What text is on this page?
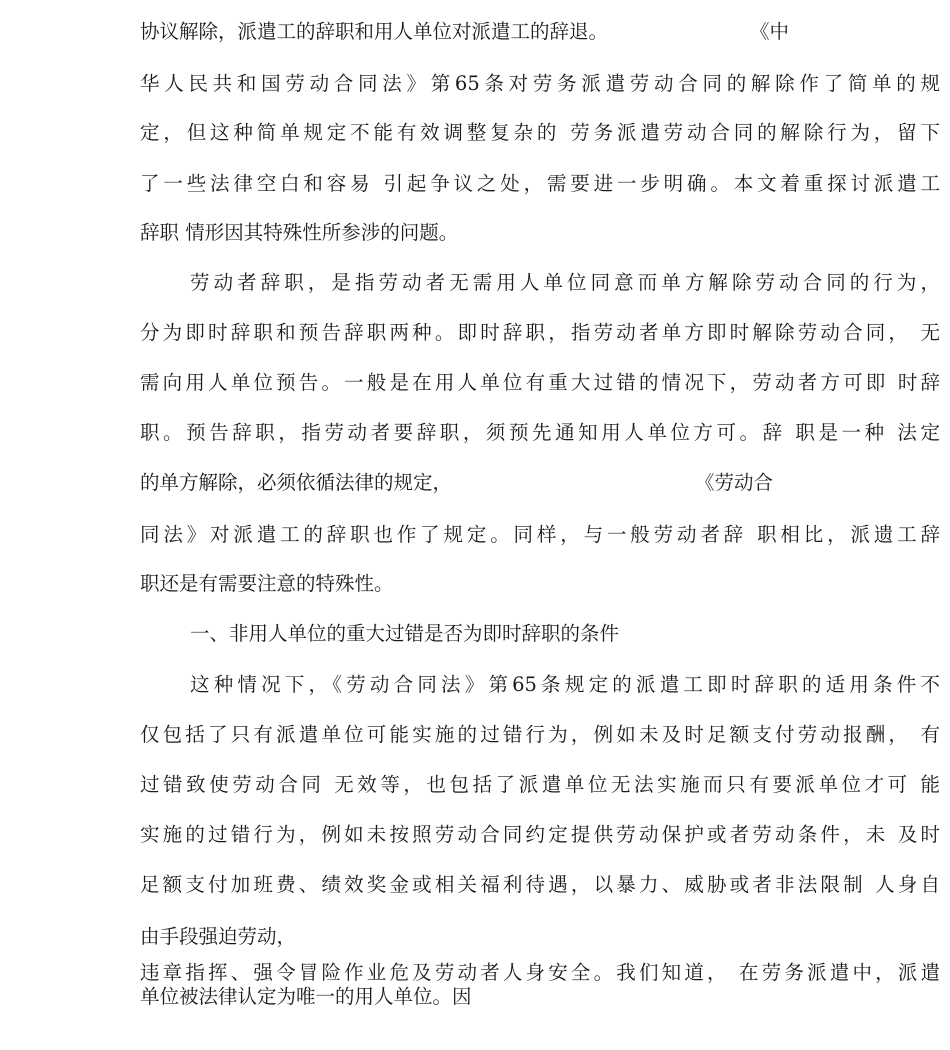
协议解除，派遣工的辞职和用人单位对派遣工的辞退。	《中

华人民共和国劳动合同法》第65条对劳务派遣劳动合同的解除作了简单的规

定，但这种简单规定不能有效调整复杂的 劳务派遣劳动合同的解除行为，留下

了一些法律空白和容易 引起争议之处，需要进一步明确。本文着重探讨派遣工

辞职 情形因其特殊性所参涉的问题。

劳动者辞职，是指劳动者无需用人单位同意而单方解除劳动合同的行为，

分为即时辞职和预告辞职两种。即时辞职，指劳动者单方即时解除劳动合同， 无

需向用人单位预告。一般是在用人单位有重大过错的情况下，劳动者方可即 时辞

职。预告辞职，指劳动者要辞职，须预先通知用人单位方可。辞 职是一种 法定

的单方解除，必须依循法律的规定，	《劳动合

同法》对派遣工的辞职也作了规定。同样，与一般劳动者辞 职相比，派遗工辞

职还是有需要注意的特殊性。

一、非用人单位的重大过错是否为即时辞职的条件

这种情况下，《劳动合同法》第65条规定的派遣工即时辞职的适用条件不

仅包括了只有派遣单位可能实施的过错行为，例如未及时足额支付劳动报酬， 有

过错致使劳动合同 无效等，也包括了派遣单位无法实施而只有要派单位才可 能

实施的过错行为，例如未按照劳动合同约定提供劳动保护或者劳动条件，未 及时

足额支付加班费、绩效奖金或相关福利待遇，以暴力、威胁或者非法限制 人身自

由手段强迫劳动，

违章指挥、强令冒险作业危及劳动者人身安全。我们知道， 在劳务派遣中，派遣

单位被法律认定为唯一的用人单位。因
